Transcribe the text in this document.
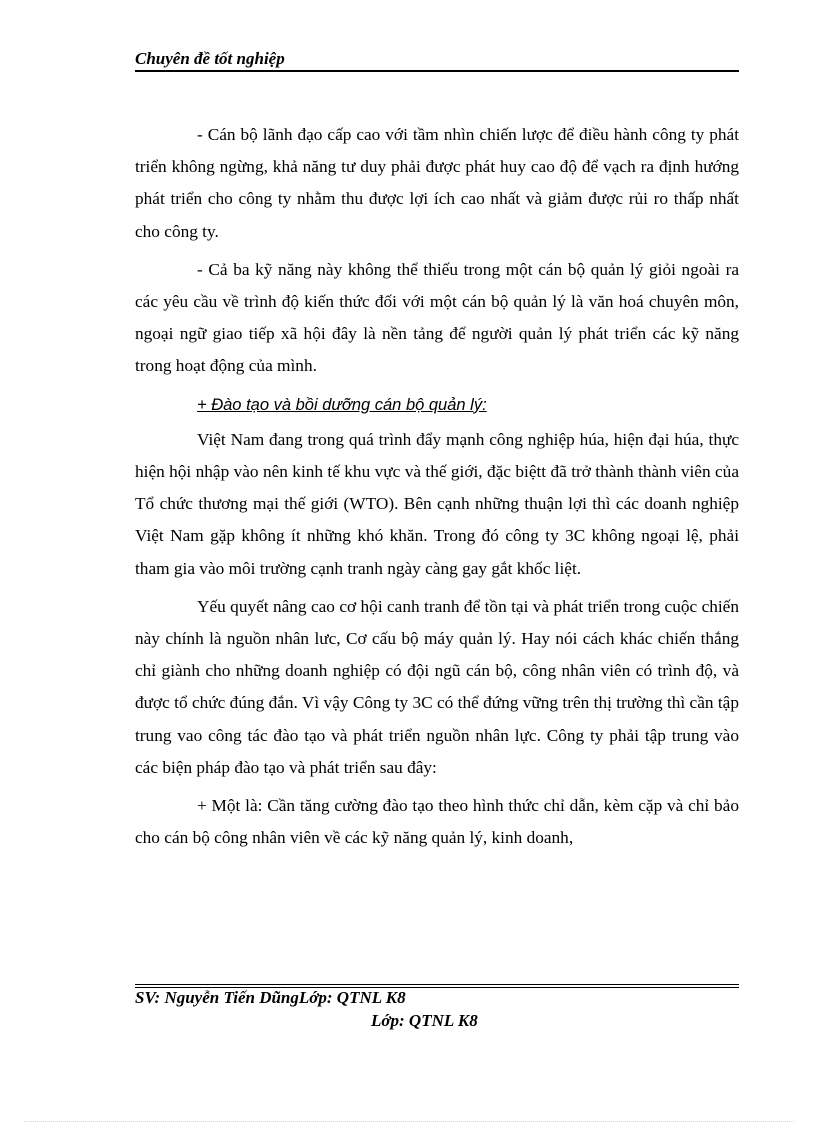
Chuyên đề tốt nghiệp

- Cán bộ lãnh đạo cấp cao với tầm nhìn chiến lược để điều hành công ty phát triển không ngừng, khả năng tư duy phải được phát huy cao độ để vạch ra định hướng phát triển cho công ty nhằm thu được lợi ích cao nhất và giảm được rủi ro thấp nhất cho công ty.

- Cả ba kỹ năng này không thể thiếu trong một cán bộ quản lý giỏi ngoài ra các yêu cầu về trình độ kiến thức đối với một cán bộ quản lý là văn hoá chuyên môn, ngoại ngữ giao tiếp xã hội đây là nền tảng để người quản lý phát triển các kỹ năng trong hoạt động của mình.

+ Đào tạo và bồi dưỡng cán bộ quản lý:

Việt Nam đang trong quá trình đẩy mạnh công nghiệp húa, hiện đại húa, thực hiện hội nhập vào nên kinh tế khu vực và thế giới, đặc biệtt đã trở thành thành viên của Tổ chức thương mại thế giới (WTO). Bên cạnh những thuận lợi thì các doanh nghiệp Việt Nam gặp không ít những khó khăn. Trong đó công ty 3C không ngoại lệ, phải tham gia vào môi trường cạnh tranh ngày càng gay gắt khốc liệt.

Yếu quyết nâng cao cơ hội canh tranh để tồn tại và phát triển trong cuộc chiến này chính là nguồn nhân lưc, Cơ cấu bộ máy quản lý. Hay nói cách khác chiến thắng chỉ giành cho những doanh nghiệp có đội ngũ cán bộ, công nhân viên có trình độ, và được tổ chức đúng đắn. Vì vậy Công ty 3C có thể đứng vững trên thị trường thì cần tập trung vao công tác đào tạo và phát triển nguồn nhân lực. Công ty phải tập trung vào các biện pháp đào tạo và phát triển sau đây:

+ Một là: Cần tăng cường đào tạo theo hình thức chỉ dẫn, kèm cặp và chỉ bảo cho cán bộ công nhân viên về các kỹ năng quản lý, kinh doanh,

SV: Nguyễn Tiến DũngLớp: QTNL K8
Lớp: QTNL K8
